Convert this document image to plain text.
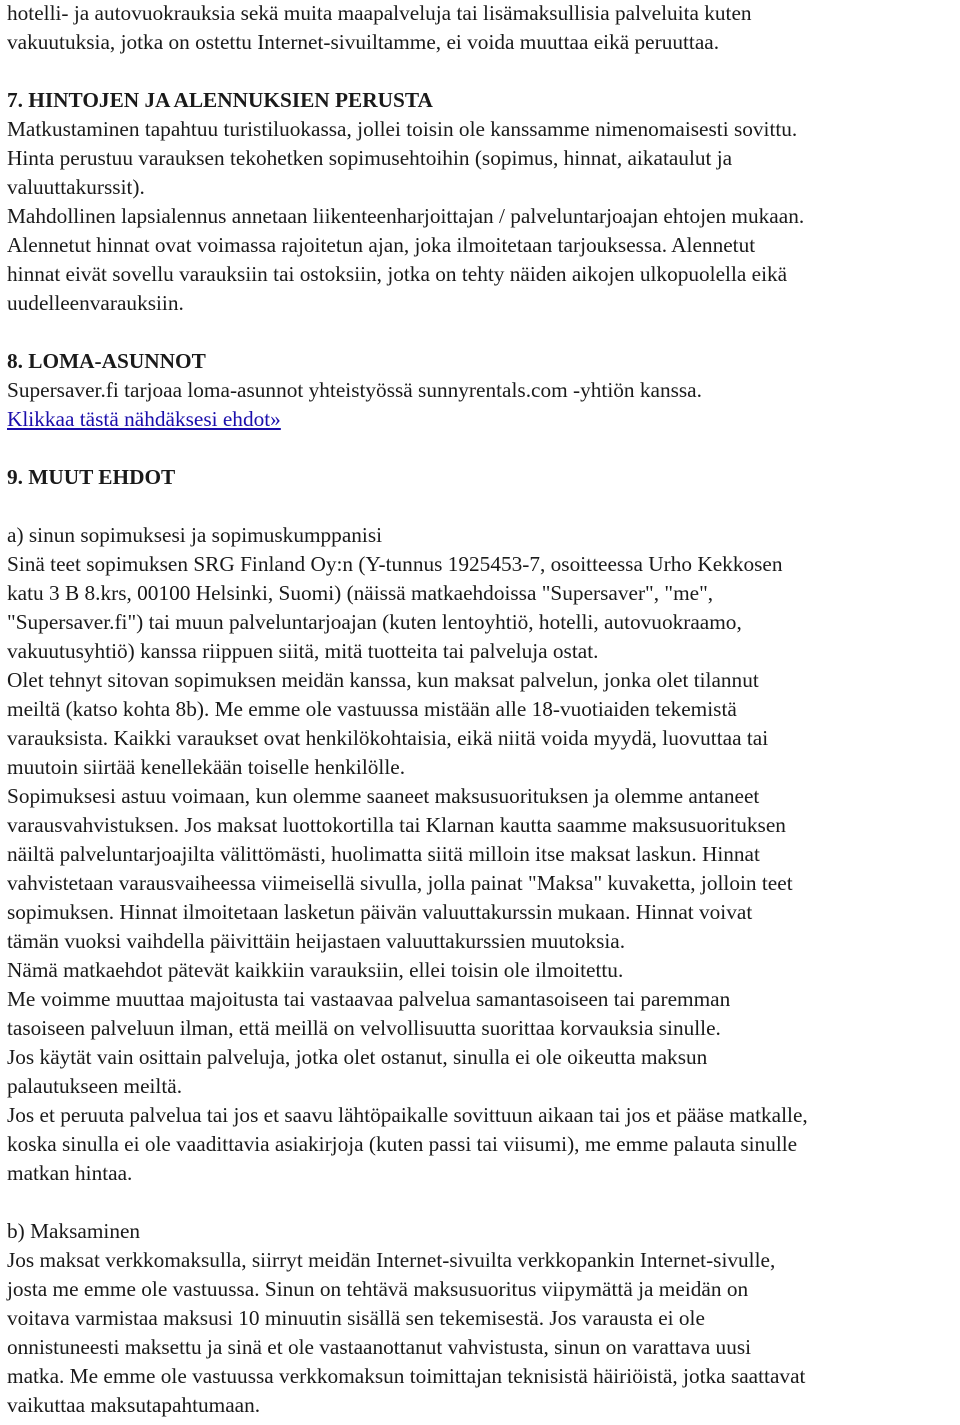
hotelli- ja autovuokrauksia sekä muita maapalveluja tai lisämaksullisia palveluita kuten
vakuutuksia, jotka on ostettu Internet-sivuiltamme, ei voida muuttaa eikä peruuttaa.
7. HINTOJEN JA ALENNUKSIEN PERUSTA
Matkustaminen tapahtuu turistiluokassa, jollei toisin ole kanssamme nimenomaisesti sovittu.
Hinta perustuu varauksen tekohetken sopimusehtoihin (sopimus, hinnat, aikataulut ja
valuuttakurssit).
Mahdollinen lapsialennus annetaan liikenteenharjoittajan / palveluntarjoajan ehtojen mukaan.
Alennetut hinnat ovat voimassa rajoitetun ajan, joka ilmoitetaan tarjouksessa. Alennetut
hinnat eivät sovellu varauksiin tai ostoksiin, jotka on tehty näiden aikojen ulkopuolella eikä
uudelleenvarauksiin.
8. LOMA-ASUNNOT
Supersaver.fi tarjoaa loma-asunnot yhteistyössä sunnyrentals.com -yhtiön kanssa.
Klikkaa tästä nähdäksesi ehdot»
9. MUUT EHDOT
a) sinun sopimuksesi ja sopimuskumppanisi
Sinä teet sopimuksen SRG Finland Oy:n (Y-tunnus 1925453-7, osoitteessa Urho Kekkosen
katu 3 B 8.krs, 00100 Helsinki, Suomi) (näissä matkaehdoissa "Supersaver", "me",
"Supersaver.fi") tai muun palveluntarjoajan (kuten lentoyhtiö, hotelli, autovuokraamo,
vakuutusyhtiö) kanssa riippuen siitä, mitä tuotteita tai palveluja ostat.
Olet tehnyt sitovan sopimuksen meidän kanssa, kun maksat palvelun, jonka olet tilannut
meiltä (katso kohta 8b). Me emme ole vastuussa mistään alle 18-vuotiaiden tekemistä
varauksista. Kaikki varaukset ovat henkilökohtaisia, eikä niitä voida myydä, luovuttaa tai
muutoin siirtää kenellekään toiselle henkilölle.
Sopimuksesi astuu voimaan, kun olemme saaneet maksusuorituksen ja olemme antaneet
varausvahvistuksen. Jos maksat luottokortilla tai Klarnan kautta saamme maksusuorituksen
näiltä palveluntarjoajilta välittömästi, huolimatta siitä milloin itse maksat laskun. Hinnat
vahvistetaan varausvaiheessa viimeisellä sivulla, jolla painat "Maksa" kuvaketta, jolloin teet
sopimuksen. Hinnat ilmoitetaan lasketun päivän valuuttakurssin mukaan. Hinnat voivat
tämän vuoksi vaihdella päivittäin heijastaen valuuttakurssien muutoksia.
Nämä matkaehdot pätevät kaikkiin varauksiin, ellei toisin ole ilmoitettu.
Me voimme muuttaa majoitusta tai vastaavaa palvelua samantasoiseen tai paremman
tasoiseen palveluun ilman, että meillä on velvollisuutta suorittaa korvauksia sinulle.
Jos käytät vain osittain palveluja, jotka olet ostanut, sinulla ei ole oikeutta maksun
palautukseen meiltä.
Jos et peruuta palvelua tai jos et saavu lähtöpaikalle sovittuun aikaan tai jos et pääse matkalle,
koska sinulla ei ole vaadittavia asiakirjoja (kuten passi tai viisumi), me emme palauta sinulle
matkan hintaa.
b) Maksaminen
Jos maksat verkkomaksulla, siirryt meidän Internet-sivuilta verkkopankin Internet-sivulle,
josta me emme ole vastuussa. Sinun on tehtävä maksusuoritus viipymättä ja meidän on
voitava varmistaa maksusi 10 minuutin sisällä sen tekemisestä. Jos varausta ei ole
onnistuneesti maksettu ja sinä et ole vastaanottanut vahvistusta, sinun on varattava uusi
matka. Me emme ole vastuussa verkkomaksun toimittajan teknisistä häiriöistä, jotka saattavat
vaikuttaa maksutapahtumaan.
